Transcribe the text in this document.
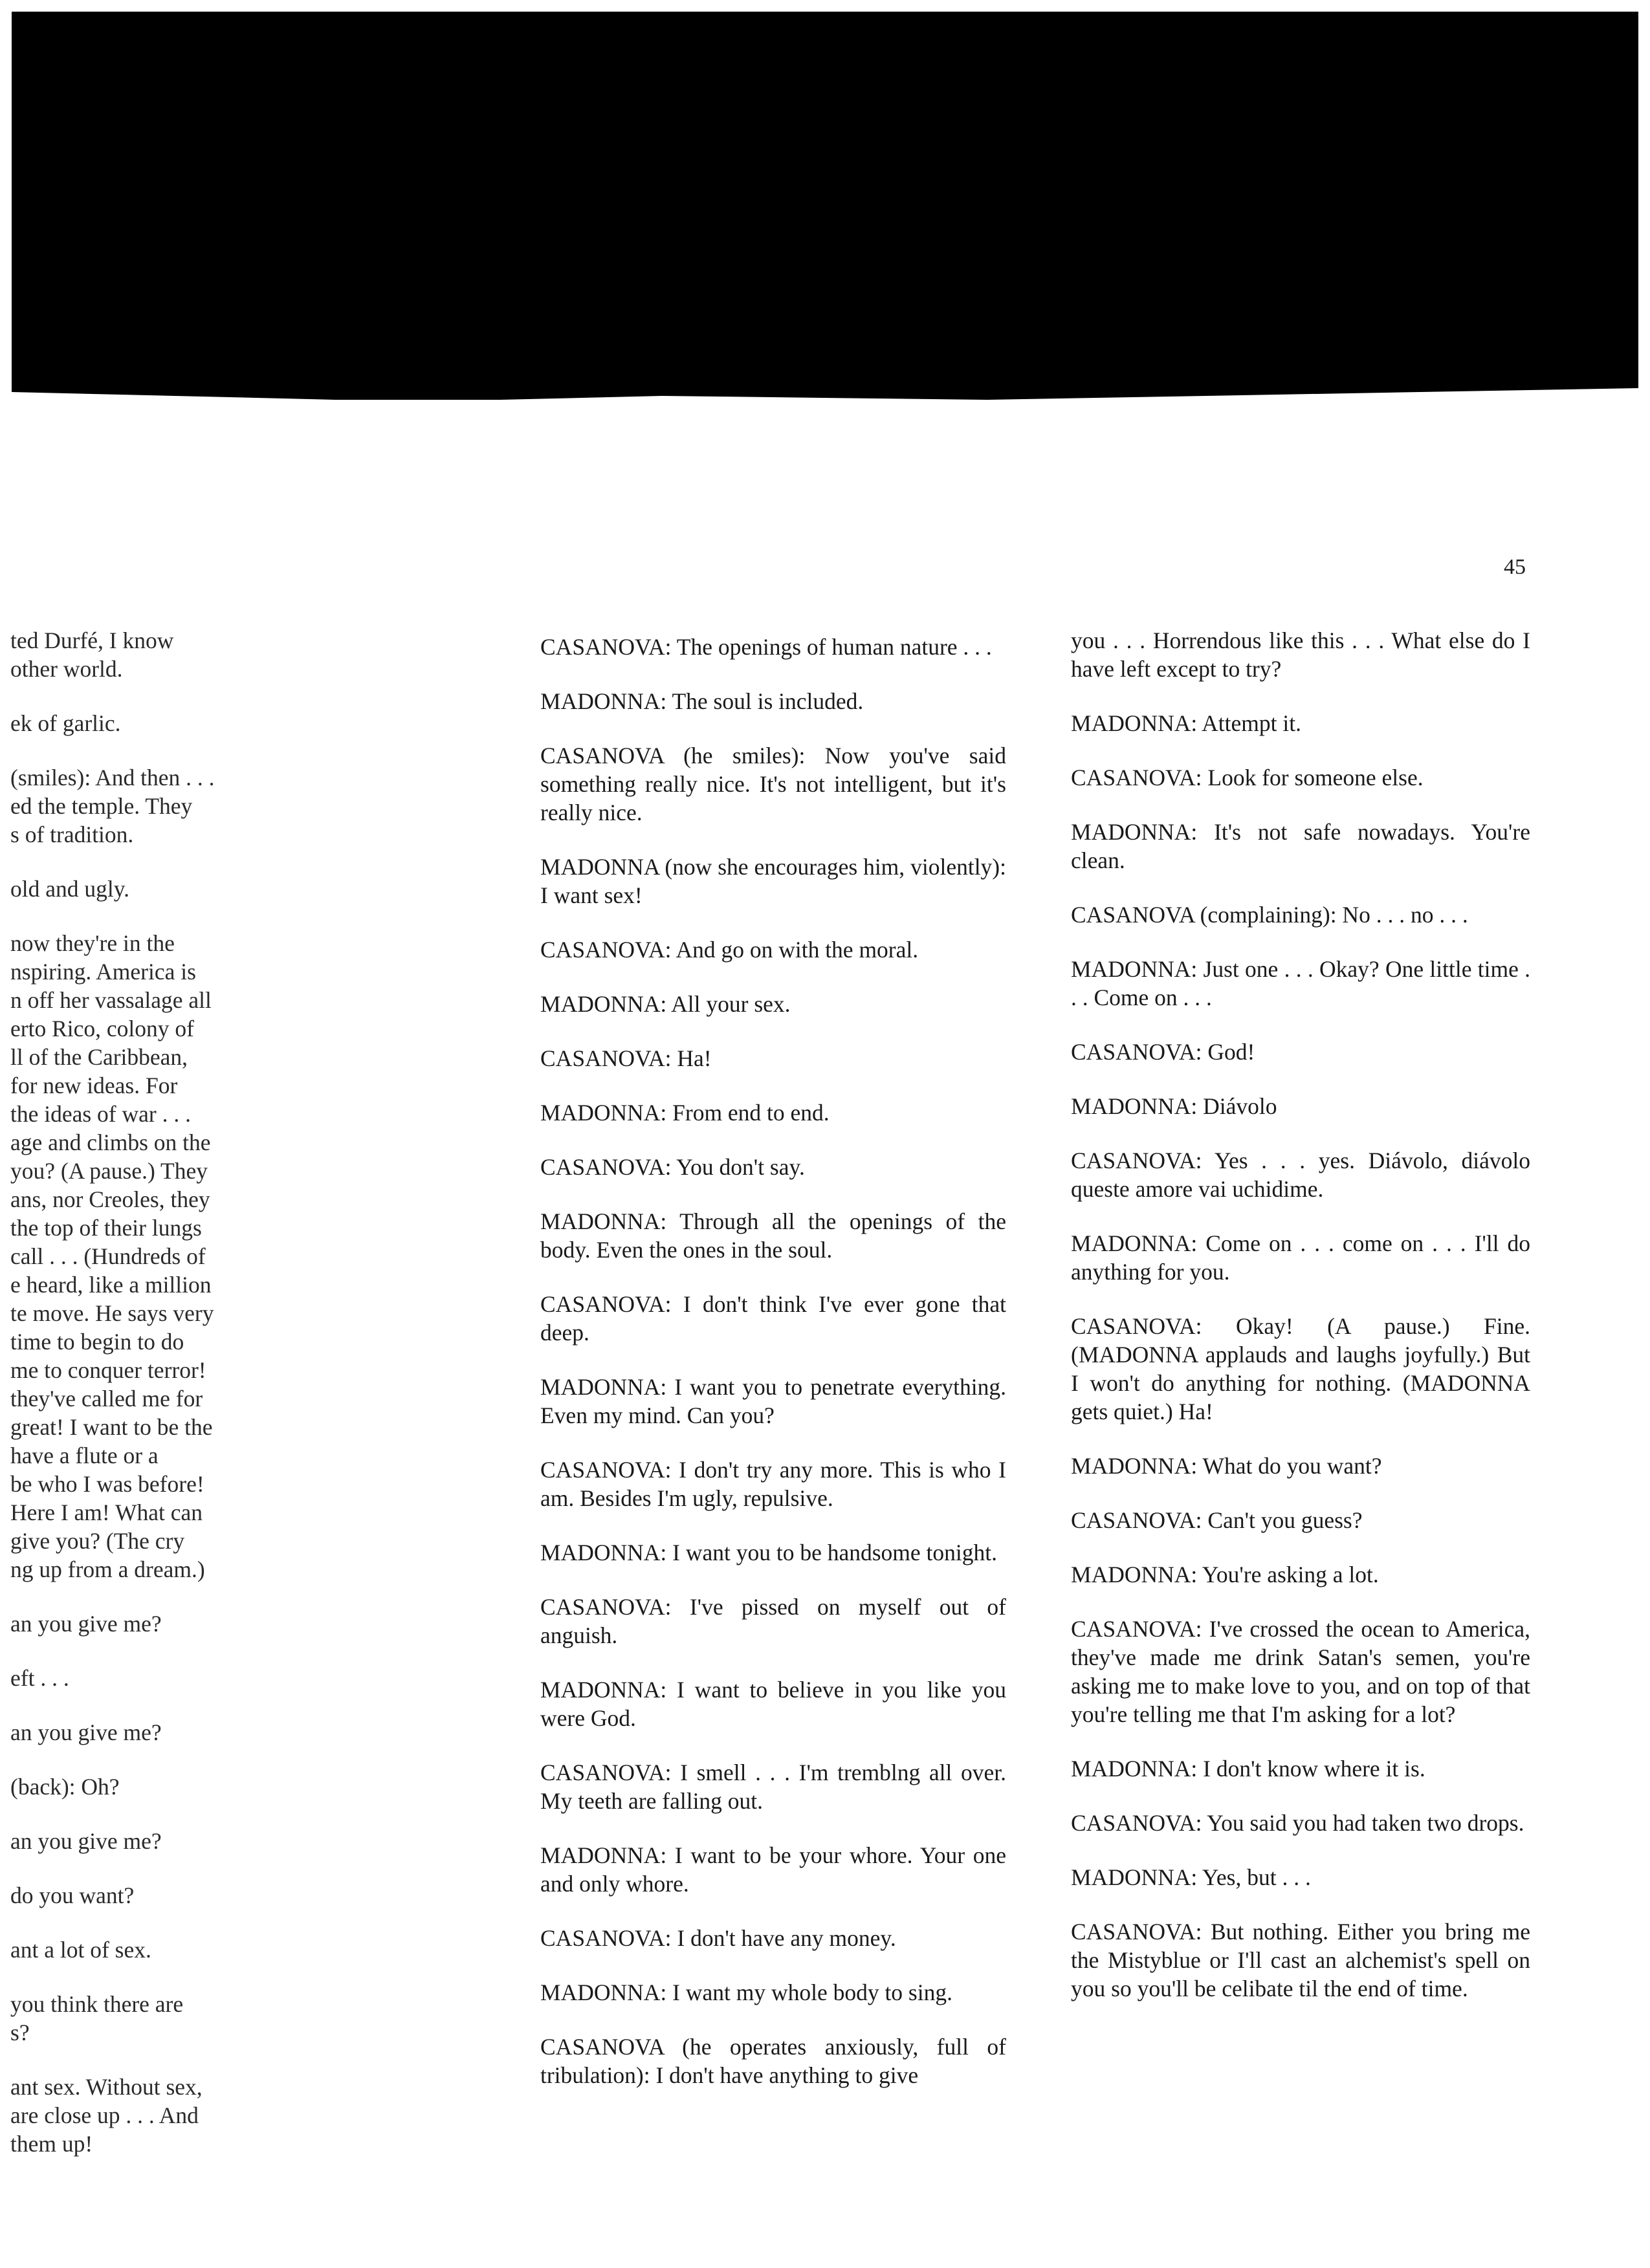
45

ted Durfé, I know
other world.

ek of garlic.

(smiles): And then . . .
ed the temple. They
s of tradition.

old and ugly.

now they're in the
nspiring. America is
n off her vassalage all
erto Rico, colony of
ll of the Caribbean,
for new ideas. For
the ideas of war . . .
age and climbs on the
you? (A pause.) They
ans, nor Creoles, they
the top of their lungs
call . . . (Hundreds of
e heard, like a million
te move. He says very
time to begin to do
me to conquer terror!
they've called me for
great! I want to be the
have a flute or a
be who I was before!
Here I am! What can
give you? (The cry
ng up from a dream.)

an you give me?

eft . . .

an you give me?

(back): Oh?

an you give me?

do you want?

ant a lot of sex.

you think there are
s?

ant sex. Without sex,
are close up . . . And
them up!

CASANOVA: The openings of human nature . . .

MADONNA: The soul is included.

CASANOVA (he smiles): Now you've said something really nice. It's not intelligent, but it's really nice.

MADONNA (now she encourages him, violently): I want sex!

CASANOVA: And go on with the moral.

MADONNA: All your sex.

CASANOVA: Ha!

MADONNA: From end to end.

CASANOVA: You don't say.

MADONNA: Through all the openings of the body. Even the ones in the soul.

CASANOVA: I don't think I've ever gone that deep.

MADONNA: I want you to penetrate everything. Even my mind. Can you?

CASANOVA: I don't try any more. This is who I am. Besides I'm ugly, repulsive.

MADONNA: I want you to be handsome tonight.

CASANOVA: I've pissed on myself out of anguish.

MADONNA: I want to believe in you like you were God.

CASANOVA: I smell . . . I'm tremblng all over. My teeth are falling out.

MADONNA: I want to be your whore. Your one and only whore.

CASANOVA: I don't have any money.

MADONNA: I want my whole body to sing.

CASANOVA (he operates anxiously, full of tribulation): I don't have anything to give

you . . . Horrendous like this . . . What else do I have left except to try?

MADONNA: Attempt it.

CASANOVA: Look for someone else.

MADONNA: It's not safe nowadays. You're clean.

CASANOVA (complaining): No . . . no . . .

MADONNA: Just one . . . Okay? One little time . . . Come on . . .

CASANOVA: God!

MADONNA: Diávolo

CASANOVA: Yes . . . yes. Diávolo, diávolo queste amore vai uchidime.

MADONNA: Come on . . . come on . . . I'll do anything for you.

CASANOVA: Okay! (A pause.) Fine. (MADONNA applauds and laughs joyfully.) But I won't do anything for nothing. (MADONNA gets quiet.) Ha!

MADONNA: What do you want?

CASANOVA: Can't you guess?

MADONNA: You're asking a lot.

CASANOVA: I've crossed the ocean to America, they've made me drink Satan's semen, you're asking me to make love to you, and on top of that you're telling me that I'm asking for a lot?

MADONNA: I don't know where it is.

CASANOVA: You said you had taken two drops.

MADONNA: Yes, but . . .

CASANOVA: But nothing. Either you bring me the Mistyblue or I'll cast an alchemist's spell on you so you'll be celibate til the end of time.
